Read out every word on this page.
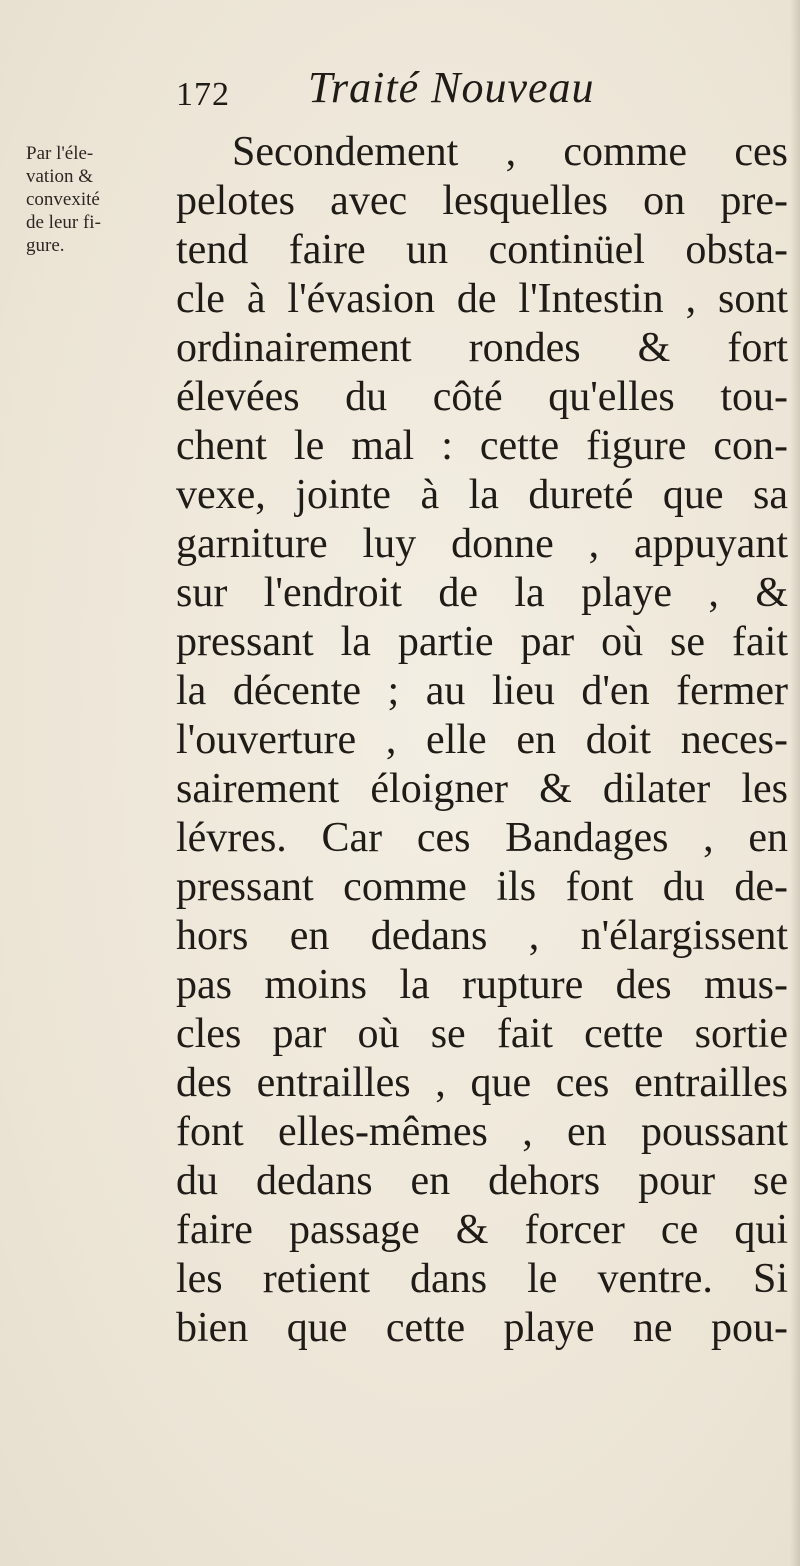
172 Traité Nouveau
Par l'éle-
vation &
convexité
de leur fi-
gure.
Secondement , comme ces
pelotes avec lesquelles on pre-
tend faire un continüel obsta-
cle à l'évasion de l'Intestin , sont
ordinairement rondes & fort
élevées du côté qu'elles tou-
chent le mal : cette figure con-
vexe, jointe à la dureté que sa
garniture luy donne , appuyant
sur l'endroit de la playe , &
pressant la partie par où se fait
la décente ; au lieu d'en fermer
l'ouverture , elle en doit neces-
sairement éloigner & dilater les
lévres. Car ces Bandages , en
pressant comme ils font du de-
hors en dedans , n'élargissent
pas moins la rupture des mus-
cles par où se fait cette sortie
des entrailles , que ces entrailles
font elles-mêmes , en poussant
du dedans en dehors pour se
faire passage & forcer ce qui
les retient dans le ventre. Si
bien que cette playe ne pou-
